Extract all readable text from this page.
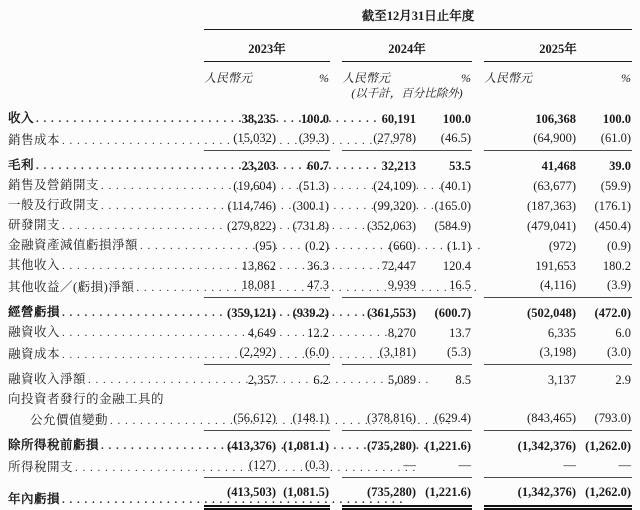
截至12月31日止年度
2023年	2024年	2025年
人民幣元	% 人民幣元	% 人民幣元	%
(以千計，百分比除外)
收入 . . .	38,235	100.0	60,191	100.0	106,368	100.0
銷售成本 . . .	(15,032)	(39.3)	(27,978)	(46.5)	(64,900)	(61.0)
毛利 . . .	23,203	60.7	32,213	53.5	41,468	39.0
銷售及營銷開支 . . .	(19,604)	(51.3)	(24,109)	(40.1)	(63,677)	(59.9)
一般及行政開支 . . .	(114,746)	(300.1)	(99,320)	(165.0)	(187,363)	(176.1)
研發開支 . . .	(279,822)	(731.8)	(352,063)	(584.9)	(479,041)	(450.4)
金融資產減值虧損淨額 . . .	(95)	(0.2)	(660)	(1.1)	(972)	(0.9)
其他收入 . . .	13,862	36.3	72,447	120.4	191,653	180.2
其他收益／(虧損)淨額 . . .	18,081	47.3	9,939	16.5	(4,116)	(3.9)
經營虧損 . . .	(359,121)	(939.2)	(361,553)	(600.7)	(502,048)	(472.0)
融資收入 . . .	4,649	12.2	8,270	13.7	6,335	6.0
融資成本 . . .	(2,292)	(6.0)	(3,181)	(5.3)	(3,198)	(3.0)
融資收入淨額 . . .	2,357	6.2	5,089	8.5	3,137	2.9
向投資者發行的金融工具的
公允價值變動 . . .	(56,612)	(148.1)	(378,816)	(629.4)	(843,465)	(793.0)
除所得稅前虧損 . . .	(413,376) (1,081.1)	(735,280) (1,221.6)	(1,342,376) (1,262.0)
所得稅開支 . . .	(127)	(0.3)	—	—	—	—
年內虧損 . . .	(413,503) (1,081.5)	(735,280) (1,221.6)	(1,342,376) (1,262.0)
